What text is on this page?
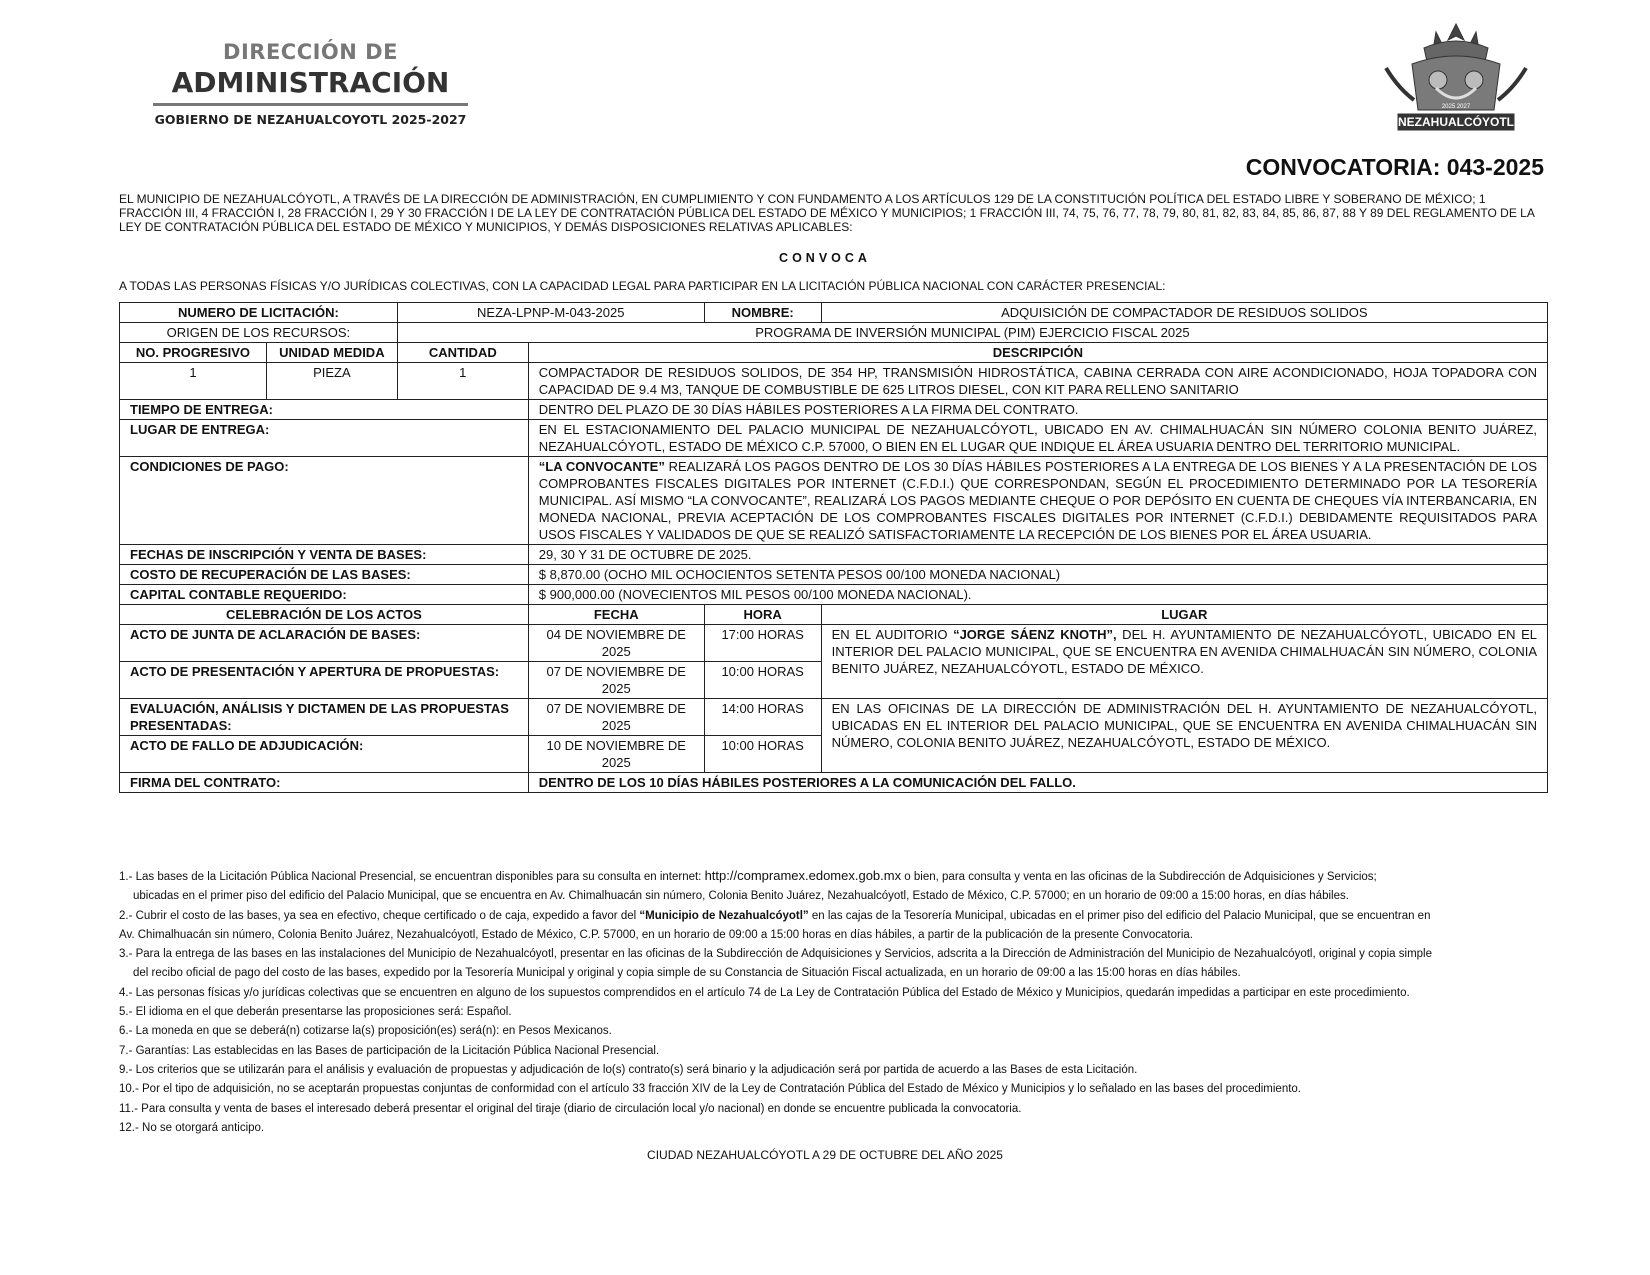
DIRECCIÓN DE
ADMINISTRACIÓN
GOBIERNO DE NEZAHUALCOYOTL 2025-2027
2025 2027
NEZAHUALCÓYOTL
CONVOCATORIA: 043-2025
EL MUNICIPIO DE NEZAHUALCÓYOTL, A TRAVÉS DE LA DIRECCIÓN DE ADMINISTRACIÓN, EN CUMPLIMIENTO Y CON FUNDAMENTO A LOS ARTÍCULOS 129 DE LA CONSTITUCIÓN POLÍTICA DEL ESTADO LIBRE Y SOBERANO DE MÉXICO; 1 FRACCIÓN III, 4 FRACCIÓN I, 28 FRACCIÓN I, 29 Y 30 FRACCIÓN I DE LA LEY DE CONTRATACIÓN PÚBLICA DEL ESTADO DE MÉXICO Y MUNICIPIOS; 1 FRACCIÓN III, 74, 75, 76, 77, 78, 79, 80, 81, 82, 83, 84, 85, 86, 87, 88 Y 89 DEL REGLAMENTO DE LA LEY DE CONTRATACIÓN PÚBLICA DEL ESTADO DE MÉXICO Y MUNICIPIOS, Y DEMÁS DISPOSICIONES RELATIVAS APLICABLES:
CONVOCA
A TODAS LAS PERSONAS FÍSICAS Y/O JURÍDICAS COLECTIVAS, CON LA CAPACIDAD LEGAL PARA PARTICIPAR EN LA LICITACIÓN PÚBLICA NACIONAL CON CARÁCTER PRESENCIAL:
NUMERO DE LICITACIÓN:		NEZA-LPNP-M-043-2025		NOMBRE:	ADQUISICIÓN DE COMPACTADOR DE RESIDUOS SOLIDOS
ORIGEN DE LOS RECURSOS:		PROGRAMA DE INVERSIÓN MUNICIPAL (PIM) EJERCICIO FISCAL 2025			
NO. PROGRESIVO	UNIDAD MEDIDA	CANTIDAD	DESCRIPCIÓN		
1	PIEZA	1	COMPACTADOR DE RESIDUOS SOLIDOS, DE 354 HP, TRANSMISIÓN HIDROSTÁTICA, CABINA CERRADA CON AIRE ACONDICIONADO, HOJA TOPADORA CON CAPACIDAD DE 9.4 M3, TANQUE DE COMBUSTIBLE DE 625 LITROS DIESEL, CON KIT PARA RELLENO SANITARIO		
TIEMPO DE ENTREGA:			DENTRO DEL PLAZO DE 30 DÍAS HÁBILES POSTERIORES A LA FIRMA DEL CONTRATO.		
LUGAR DE ENTREGA:			EN EL ESTACIONAMIENTO DEL PALACIO MUNICIPAL DE NEZAHUALCÓYOTL, UBICADO EN AV. CHIMALHUACÁN SIN NÚMERO COLONIA BENITO JUÁREZ, NEZAHUALCÓYOTL, ESTADO DE MÉXICO C.P. 57000, O BIEN EN EL LUGAR QUE INDIQUE EL ÁREA USUARIA DENTRO DEL TERRITORIO MUNICIPAL.		
CONDICIONES DE PAGO:			“LA CONVOCANTE” REALIZARÁ LOS PAGOS DENTRO DE LOS 30 DÍAS HÁBILES POSTERIORES A LA ENTREGA DE LOS BIENES Y A LA PRESENTACIÓN DE LOS COMPROBANTES FISCALES DIGITALES POR INTERNET (C.F.D.I.) QUE CORRESPONDAN, SEGÚN EL PROCEDIMIENTO DETERMINADO POR LA TESORERÍA MUNICIPAL. ASÍ MISMO “LA CONVOCANTE”, REALIZARÁ LOS PAGOS MEDIANTE CHEQUE O POR DEPÓSITO EN CUENTA DE CHEQUES VÍA INTERBANCARIA, EN MONEDA NACIONAL, PREVIA ACEPTACIÓN DE LOS COMPROBANTES FISCALES DIGITALES POR INTERNET (C.F.D.I.) DEBIDAMENTE REQUISITADOS PARA USOS FISCALES Y VALIDADOS DE QUE SE REALIZÓ SATISFACTORIAMENTE LA RECEPCIÓN DE LOS BIENES POR EL ÁREA USUARIA.		
FECHAS DE INSCRIPCIÓN Y VENTA DE BASES:			29, 30 Y 31 DE OCTUBRE DE 2025.		
COSTO DE RECUPERACIÓN DE LAS BASES:			$ 8,870.00 (OCHO MIL OCHOCIENTOS SETENTA PESOS 00/100 MONEDA NACIONAL)		
CAPITAL CONTABLE REQUERIDO:			$ 900,000.00 (NOVECIENTOS MIL PESOS 00/100 MONEDA NACIONAL).		
CELEBRACIÓN DE LOS ACTOS			FECHA	HORA	LUGAR
ACTO DE JUNTA DE ACLARACIÓN DE BASES:			04 DE NOVIEMBRE DE 2025	17:00 HORAS	EN EL AUDITORIO “JORGE SÁENZ KNOTH”, DEL H. AYUNTAMIENTO DE NEZAHUALCÓYOTL, UBICADO EN EL INTERIOR DEL PALACIO MUNICIPAL, QUE SE ENCUENTRA EN AVENIDA CHIMALHUACÁN SIN NÚMERO, COLONIA BENITO JUÁREZ, NEZAHUALCÓYOTL, ESTADO DE MÉXICO.
ACTO DE PRESENTACIÓN Y APERTURA DE PROPUESTAS:			07 DE NOVIEMBRE DE 2025	10:00 HORAS	
EVALUACIÓN, ANÁLISIS Y DICTAMEN DE LAS PROPUESTAS PRESENTADAS:			07 DE NOVIEMBRE DE 2025	14:00 HORAS	EN LAS OFICINAS DE LA DIRECCIÓN DE ADMINISTRACIÓN DEL H. AYUNTAMIENTO DE NEZAHUALCÓYOTL, UBICADAS EN EL INTERIOR DEL PALACIO MUNICIPAL, QUE SE ENCUENTRA EN AVENIDA CHIMALHUACÁN SIN NÚMERO, COLONIA BENITO JUÁREZ, NEZAHUALCÓYOTL, ESTADO DE MÉXICO.
ACTO DE FALLO DE ADJUDICACIÓN:			10 DE NOVIEMBRE DE 2025	10:00 HORAS	
FIRMA DEL CONTRATO:			DENTRO DE LOS 10 DÍAS HÁBILES POSTERIORES A LA COMUNICACIÓN DEL FALLO.		
1.- Las bases de la Licitación Pública Nacional Presencial, se encuentran disponibles para su consulta en internet: http://compramex.edomex.gob.mx o bien, para consulta y venta en las oficinas de la Subdirección de Adquisiciones y Servicios;
ubicadas en el primer piso del edificio del Palacio Municipal, que se encuentra en Av. Chimalhuacán sin número, Colonia Benito Juárez, Nezahualcóyotl, Estado de México, C.P. 57000; en un horario de 09:00 a 15:00 horas, en días hábiles.
2.- Cubrir el costo de las bases, ya sea en efectivo, cheque certificado o de caja, expedido a favor del “Municipio de Nezahualcóyotl” en las cajas de la Tesorería Municipal, ubicadas en el primer piso del edificio del Palacio Municipal, que se encuentran en
Av. Chimalhuacán sin número, Colonia Benito Juárez, Nezahualcóyotl, Estado de México, C.P. 57000, en un horario de 09:00 a 15:00 horas en días hábiles, a partir de la publicación de la presente Convocatoria.
3.- Para la entrega de las bases en las instalaciones del Municipio de Nezahualcóyotl, presentar en las oficinas de la Subdirección de Adquisiciones y Servicios, adscrita a la Dirección de Administración del Municipio de Nezahualcóyotl, original y copia simple
del recibo oficial de pago del costo de las bases, expedido por la Tesorería Municipal y original y copia simple de su Constancia de Situación Fiscal actualizada, en un horario de 09:00 a las 15:00 horas en días hábiles.
4.- Las personas físicas y/o jurídicas colectivas que se encuentren en alguno de los supuestos comprendidos en el artículo 74 de La Ley de Contratación Pública del Estado de México y Municipios, quedarán impedidas a participar en este procedimiento.
5.- El idioma en el que deberán presentarse las proposiciones será: Español.
6.- La moneda en que se deberá(n) cotizarse la(s) proposición(es) será(n): en Pesos Mexicanos.
7.- Garantías: Las establecidas en las Bases de participación de la Licitación Pública Nacional Presencial.
9.- Los criterios que se utilizarán para el análisis y evaluación de propuestas y adjudicación de lo(s) contrato(s) será binario y la adjudicación será por partida de acuerdo a las Bases de esta Licitación.
10.- Por el tipo de adquisición, no se aceptarán propuestas conjuntas de conformidad con el artículo 33 fracción XIV de la Ley de Contratación Pública del Estado de México y Municipios y lo señalado en las bases del procedimiento.
11.- Para consulta y venta de bases el interesado deberá presentar el original del tiraje (diario de circulación local y/o nacional) en donde se encuentre publicada la convocatoria.
12.- No se otorgará anticipo.
CIUDAD NEZAHUALCÓYOTL A 29 DE OCTUBRE DEL AÑO 2025
